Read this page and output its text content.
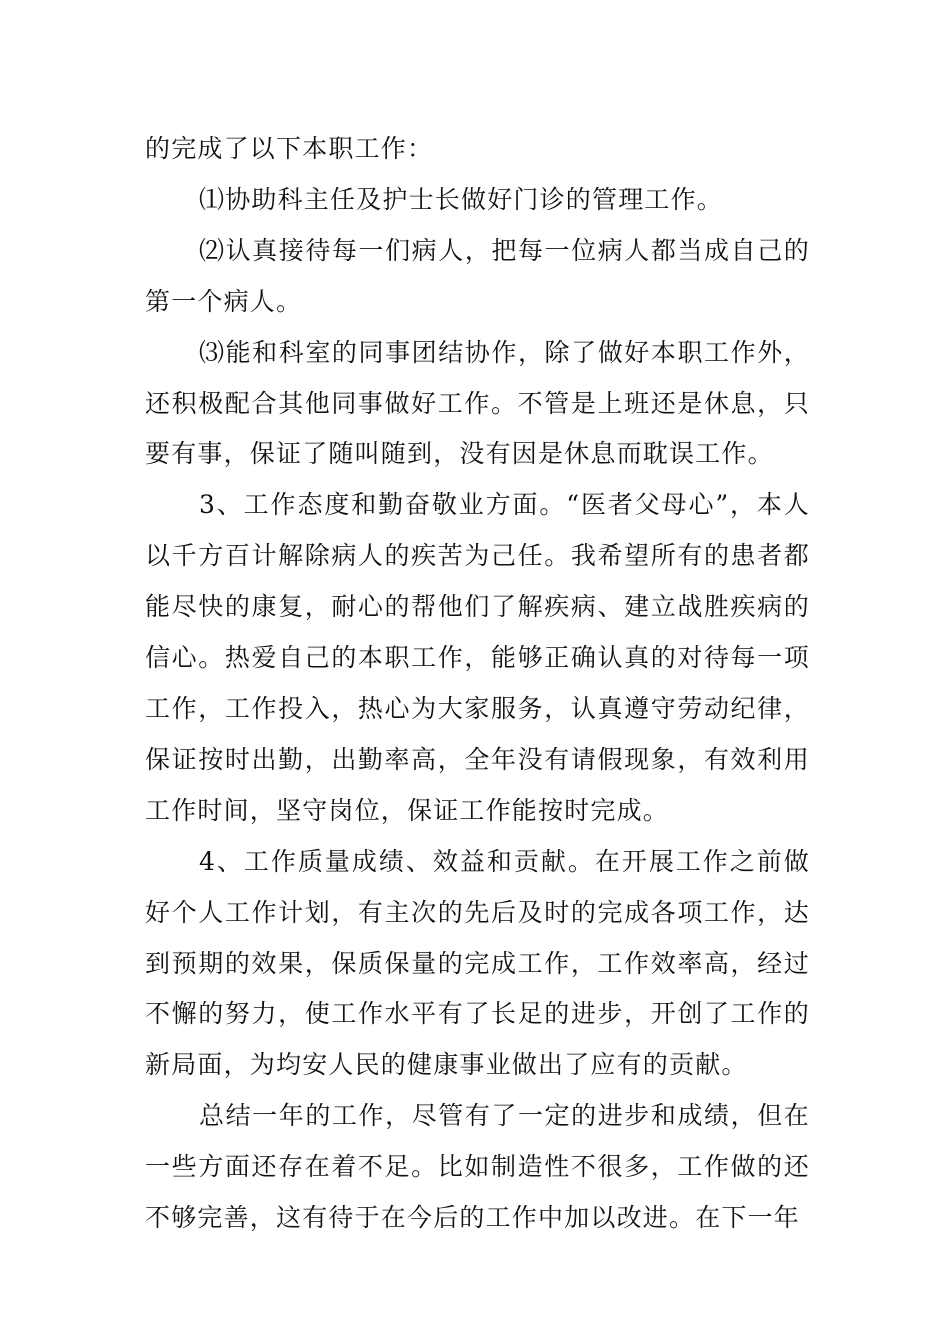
的完成了以下本职工作：

⑴协助科主任及护士长做好门诊的管理工作。

⑵认真接待每一们病人，把每一位病人都当成自己的第一个病人。

⑶能和科室的同事团结协作，除了做好本职工作外，还积极配合其他同事做好工作。不管是上班还是休息，只要有事，保证了随叫随到，没有因是休息而耽误工作。

3、工作态度和勤奋敬业方面。“医者父母心”，本人以千方百计解除病人的疾苦为己任。我希望所有的患者都能尽快的康复，耐心的帮他们了解疾病、建立战胜疾病的信心。热爱自己的本职工作，能够正确认真的对待每一项工作，工作投入，热心为大家服务，认真遵守劳动纪律，保证按时出勤，出勤率高，全年没有请假现象，有效利用工作时间，坚守岗位，保证工作能按时完成。

4、工作质量成绩、效益和贡献。在开展工作之前做好个人工作计划，有主次的先后及时的完成各项工作，达到预期的效果，保质保量的完成工作，工作效率高，经过不懈的努力，使工作水平有了长足的进步，开创了工作的新局面，为均安人民的健康事业做出了应有的贡献。

总结一年的工作，尽管有了一定的进步和成绩，但在一些方面还存在着不足。比如制造性不很多，工作做的还不够完善，这有待于在今后的工作中加以改进。在下一年
